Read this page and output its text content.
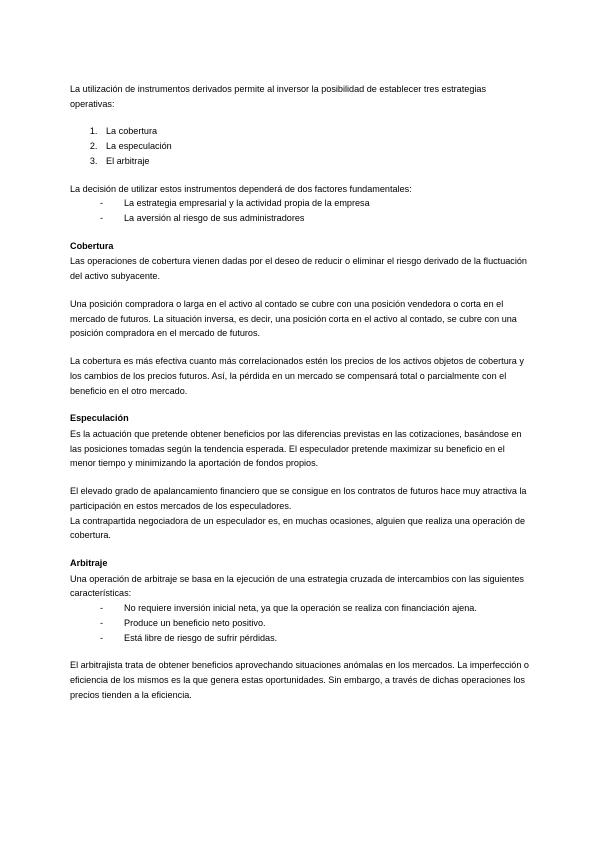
La utilización de instrumentos derivados permite al inversor la posibilidad de establecer tres estrategias operativas:

1. La cobertura
2. La especulación
3. El arbitraje

La decisión de utilizar estos instrumentos dependerá de dos factores fundamentales:

- La estrategia empresarial y la actividad propia de la empresa
- La aversión al riesgo de sus administradores
Cobertura

Las operaciones de cobertura vienen dadas por el deseo de reducir o eliminar el riesgo derivado de la fluctuación del activo subyacente.

Una posición compradora o larga en el activo al contado se cubre con una posición vendedora o corta en el mercado de futuros. La situación inversa, es decir, una posición corta en el activo al contado, se cubre con una posición compradora en el mercado de futuros.

La cobertura es más efectiva cuanto más correlacionados estén los precios de los activos objetos de cobertura y los cambios de los precios futuros. Así, la pérdida en un mercado se compensará total o parcialmente con el beneficio en el otro mercado.

Especulación

Es la actuación que pretende obtener beneficios por las diferencias previstas en las cotizaciones, basándose en las posiciones tomadas según la tendencia esperada. El especulador pretende maximizar su beneficio en el menor tiempo y minimizando la aportación de fondos propios.

El elevado grado de apalancamiento financiero que se consigue en los contratos de futuros hace muy atractiva la participación en estos mercados de los especuladores.

La contrapartida negociadora de un especulador es, en muchas ocasiones, alguien que realiza una operación de cobertura.

Arbitraje

Una operación de arbitraje se basa en la ejecución de una estrategia cruzada de intercambios con las siguientes características:

- No requiere inversión inicial neta, ya que la operación se realiza con financiación ajena.
- Produce un beneficio neto positivo.
- Está libre de riesgo de sufrir pérdidas.

El arbitrajista trata de obtener beneficios aprovechando situaciones anómalas en los mercados. La imperfección o eficiencia de los mismos es la que genera estas oportunidades. Sin embargo, a través de dichas operaciones los precios tienden a la eficiencia.
